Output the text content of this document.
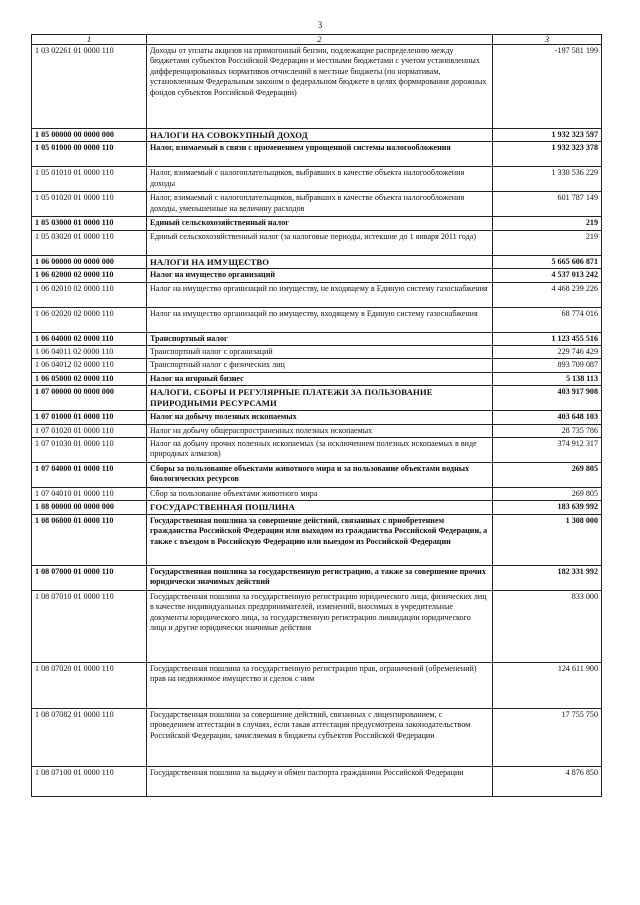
3
1	2	3
1 03 02261 01 0000 110	Доходы от уплаты акцизов на прямогонный бензин, подлежащие распределению между бюджетами субъектов Российской Федерации и местными бюджетами с учетом установленных дифференцированных нормативов отчислений в местные бюджеты (по нормативам, установленным Федеральным законом о федеральном бюджете в целях формирования дорожных фондов субъектов Российской Федерации)	-197 581 199
1 05 00000 00 0000 000	НАЛОГИ НА СОВОКУПНЫЙ ДОХОД	1 932 323 597
1 05 01000 00 0000 110	Налог, взимаемый в связи с применением упрощенной системы налогообложения	1 932 323 378
1 05 01010 01 0000 110	Налог, взимаемый с налогоплательщиков, выбравших в качестве объекта налогообложения доходы	1 330 536 229
1 05 01020 01 0000 110	Налог, взимаемый с налогоплательщиков, выбравших в качестве объекта налогообложения доходы, уменьшенные на величину расходов	601 787 149
1 05 03000 01 0000 110	Единый сельскохозяйственный налог	219
1 05 03020 01 0000 110	Единый сельскохозяйственный налог (за налоговые периоды, истекшие до 1 января 2011 года)	219
1 06 00000 00 0000 000	НАЛОГИ НА ИМУЩЕСТВО	5 665 606 871
1 06 02000 02 0000 110	Налог на имущество организаций	4 537 013 242
1 06 02010 02 0000 110	Налог на имущество организаций по имуществу, не входящему в Единую систему газоснабжения	4 468 239 226
1 06 02020 02 0000 110	Налог на имущество организаций по имуществу, входящему в Единую систему газоснабжения	68 774 016
1 06 04000 02 0000 110	Транспортный налог	1 123 455 516
1 06 04011 02 0000 110	Транспортный налог с организаций	229 746 429
1 06 04012 02 0000 110	Транспортный налог с физических лиц	893 709 087
1 06 05000 02 0000 110	Налог на игорный бизнес	5 138 113
1 07 00000 00 0000 000	НАЛОГИ, СБОРЫ И РЕГУЛЯРНЫЕ ПЛАТЕЖИ ЗА ПОЛЬЗОВАНИЕ ПРИРОДНЫМИ РЕСУРСАМИ	403 917 908
1 07 01000 01 0000 110	Налог на добычу полезных ископаемых	403 648 103
1 07 01020 01 0000 110	Налог на добычу общераспространенных полезных ископаемых	28 735 786
1 07 01030 01 0000 110	Налог на добычу прочих полезных ископаемых (за исключением полезных ископаемых в виде природных алмазов)	374 912 317
1 07 04000 01 0000 110	Сборы за пользование объектами животного мира и за пользование объектами водных биологических ресурсов	269 805
1 07 04010 01 0000 110	Сбор за пользование объектами животного мира	269 805
1 08 00000 00 0000 000	ГОСУДАРСТВЕННАЯ ПОШЛИНА	183 639 992
1 08 06000 01 0000 110	Государственная пошлина за совершение действий, связанных с приобретением гражданства Российской Федерации или выходом из гражданства Российской Федерации, а также с въездом в Российскую Федерацию или выездом из Российской Федерации	1 308 000
1 08 07000 01 0000 110	Государственная пошлина за государственную регистрацию, а также за совершение прочих юридически значимых действий	182 331 992
1 08 07010 01 0000 110	Государственная пошлина за государственную регистрацию юридического лица, физических лиц в качестве индивидуальных предпринимателей, изменений, вносимых в учредительные документы юридического лица, за государственную регистрацию ликвидации юридического лица и другие юридически значимые действия	833 000
1 08 07020 01 0000 110	Государственная пошлина за государственную регистрацию прав, ограничений (обременений) прав на недвижимое имущество и сделок с ним	124 611 900
1 08 07082 01 0000 110	Государственная пошлина за совершение действий, связанных с лицензированием, с проведением аттестации в случаях, если такая аттестация предусмотрена законодательством Российской Федерации, зачисляемая в бюджеты субъектов Российской Федерации	17 755 750
1 08 07100 01 0000 110	Государственная пошлина за выдачу и обмен паспорта гражданина Российской Федерации	4 876 850
